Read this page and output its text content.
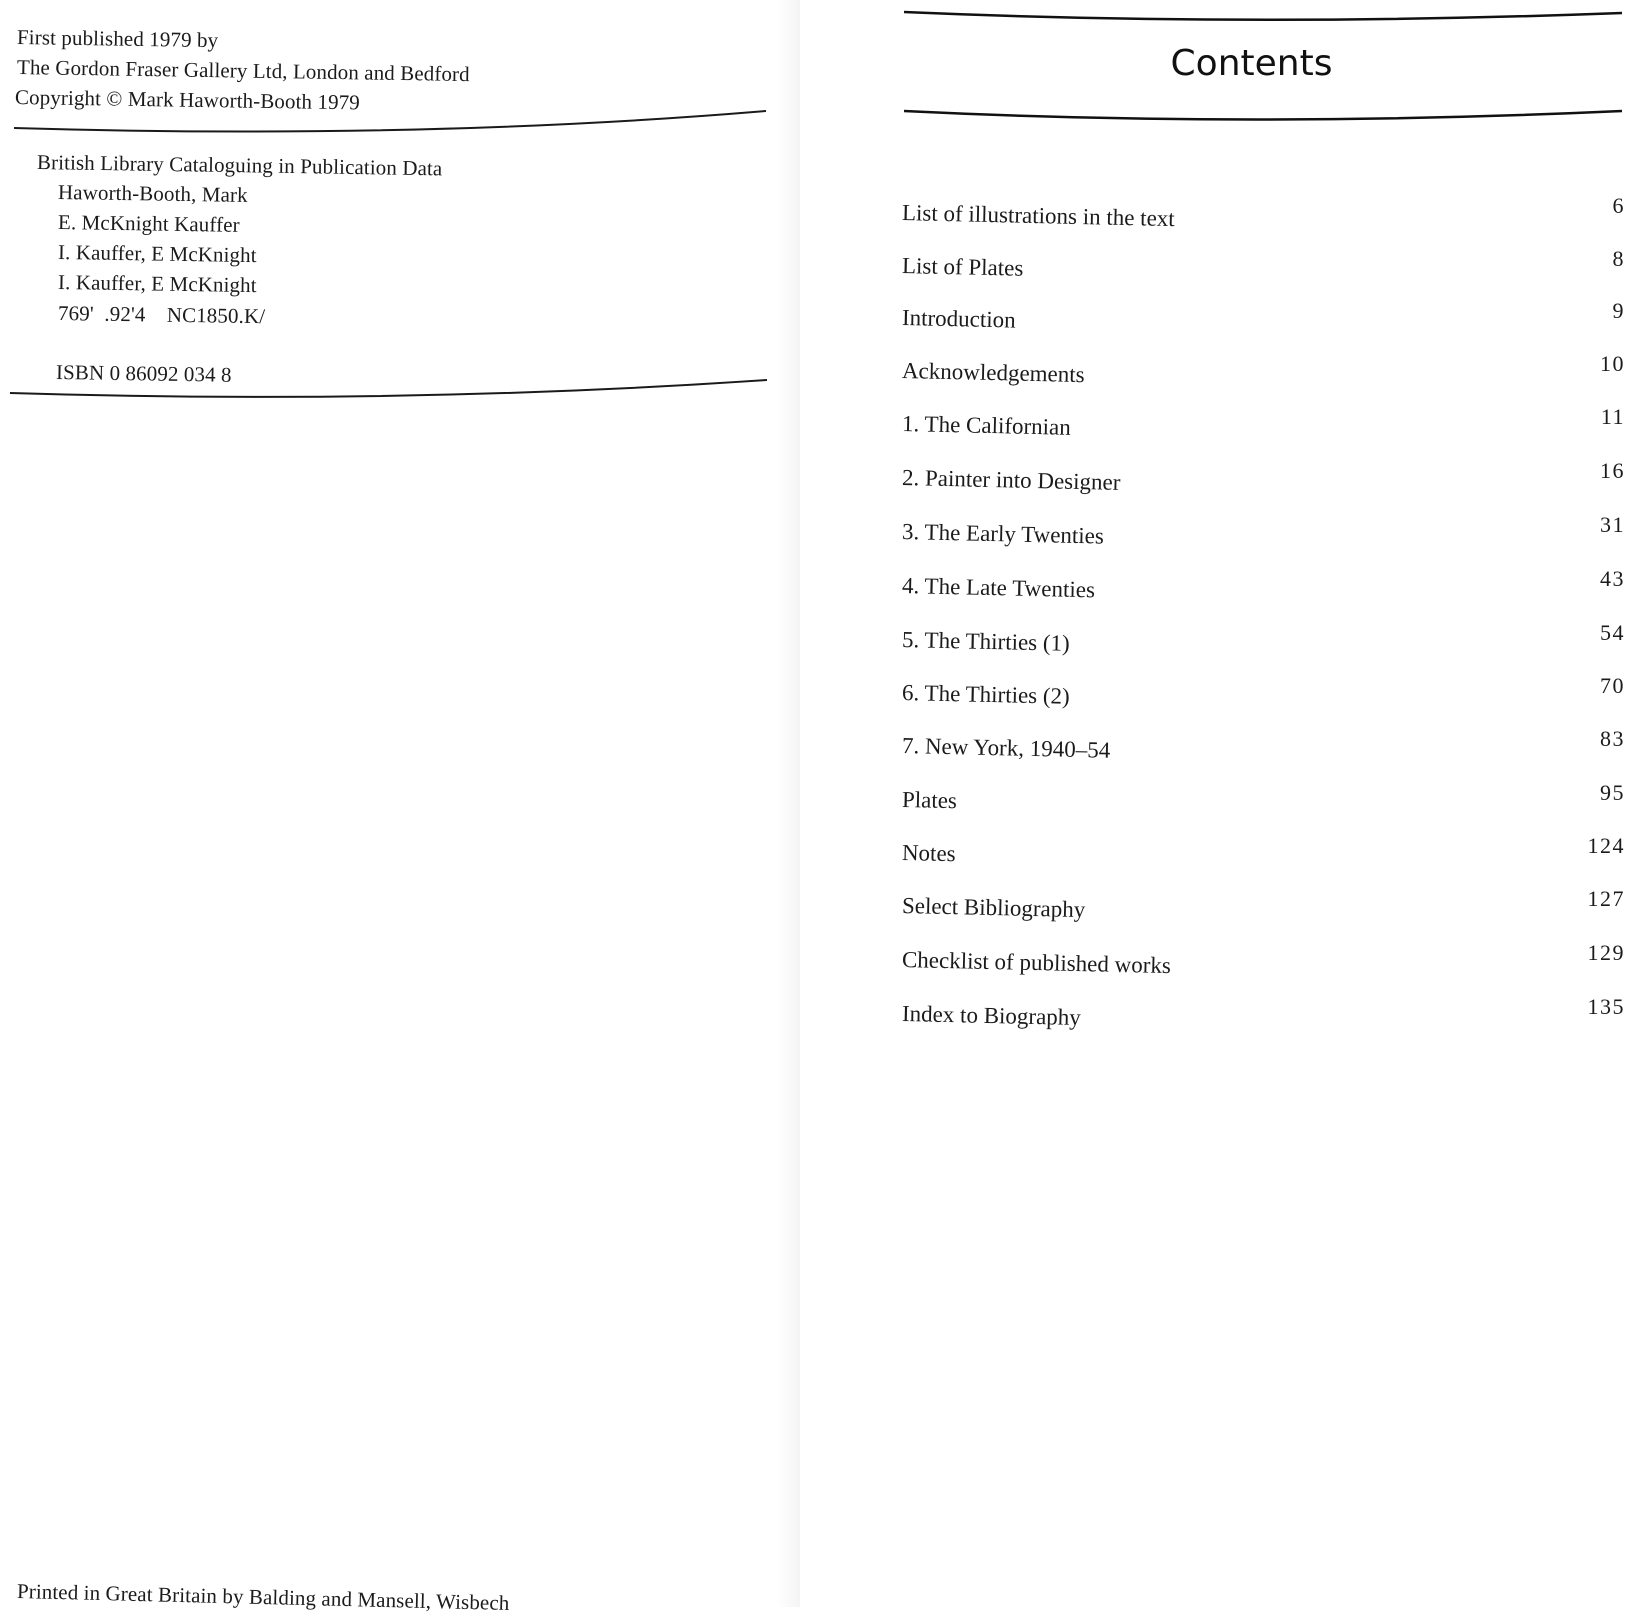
First published 1979 by
The Gordon Fraser Gallery Ltd, London and Bedford
Copyright © Mark Haworth-Booth 1979
British Library Cataloguing in Publication Data
Haworth-Booth, Mark
E. McKnight Kauffer
I. Kauffer, E McKnight
I. Kauffer, E McKnight
769'  .92'4    NC1850.K/
ISBN 0 86092 034 8
Printed in Great Britain by Balding and Mansell, Wisbech
Contents
List of illustrations in the text	6
List of Plates	8
Introduction	9
Acknowledgements	10
1. The Californian	11
2. Painter into Designer	16
3. The Early Twenties	31
4. The Late Twenties	43
5. The Thirties (1)	54
6. The Thirties (2)	70
7. New York, 1940–54	83
Plates	95
Notes	124
Select Bibliography	127
Checklist of published works	129
Index to Biography	135
